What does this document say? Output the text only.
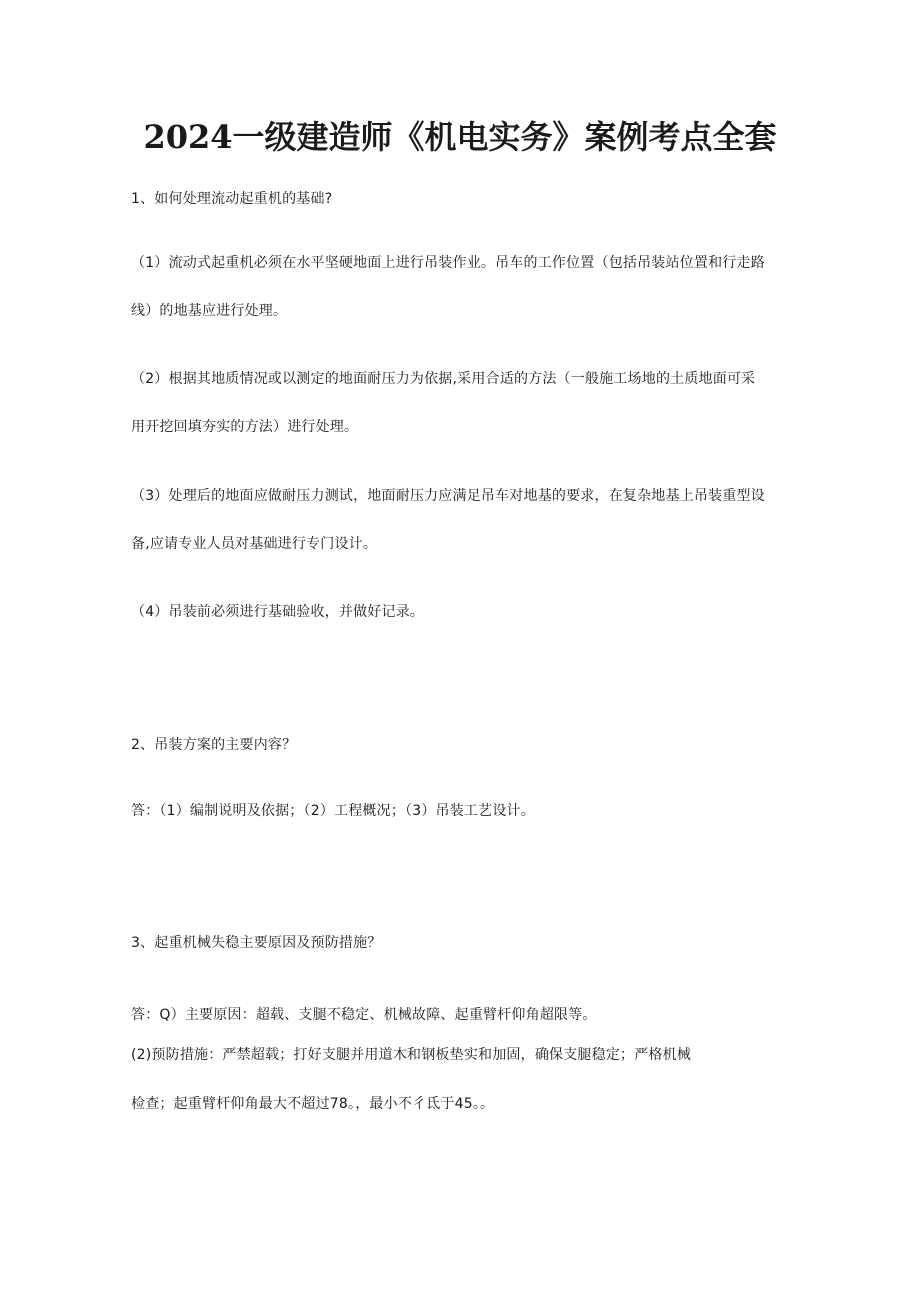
2024一级建造师《机电实务》案例考点全套

1、如何处理流动起重机的基础?

（1）流动式起重机必须在水平坚硬地面上进行吊装作业。吊车的工作位置（包括吊装站位置和行走路

线）的地基应进行处理。

（2）根据其地质情况或以测定的地面耐压力为依据,采用合适的方法（一般施工场地的土质地面可采

用开挖回填夯实的方法）进行处理。

（3）处理后的地面应做耐压力测试，地面耐压力应满足吊车对地基的要求，在复杂地基上吊装重型设

备,应请专业人员对基础进行专门设计。

（4）吊装前必须进行基础验收，并做好记录。

2、吊装方案的主要内容？

答：（1）编制说明及依据；（2）工程概况；（3）吊装工艺设计。

3、起重机械失稳主要原因及预防措施？

答：Q）主要原因：超载、支腿不稳定、机械故障、起重臂杆仰角超限等。

(2)预防措施：严禁超载；打好支腿并用道木和钢板垫实和加固，确保支腿稳定；严格机械

检查；起重臂杆仰角最大不超过78。，最小不彳氐于45。。
